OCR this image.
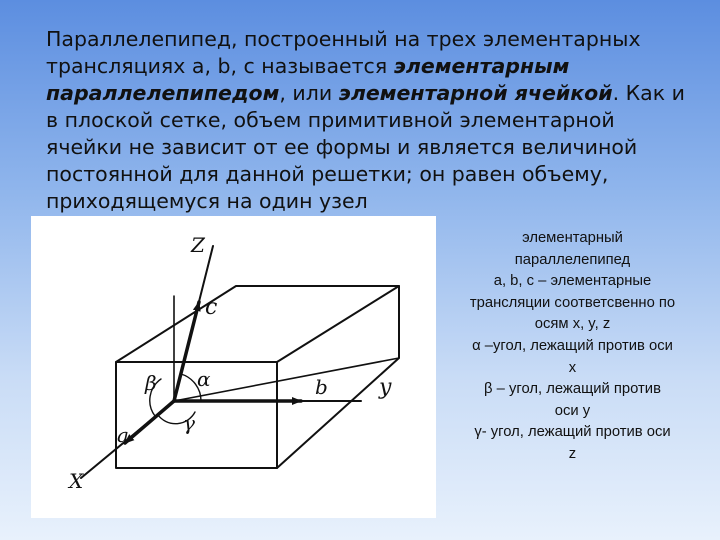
Параллелепипед, построенный на трех элементарных трансляциях a, b, c называется элементарным параллелепипедом, или элементарной ячейкой. Как и в плоской сетке, объем примитивной элементарной ячейки не зависит от ее формы и является величиной постоянной для данной решетки; он равен объему, приходящемуся на один узел
Z
c
b y
a
X
α
β
γ
элементарный
параллелепипед
a, b, c – элементарные
трансляции соответсвенно по
осям x, y, z
α –угол, лежащий против оси
x
β – угол, лежащий против
оси y
γ- угол, лежащий против оси
z
